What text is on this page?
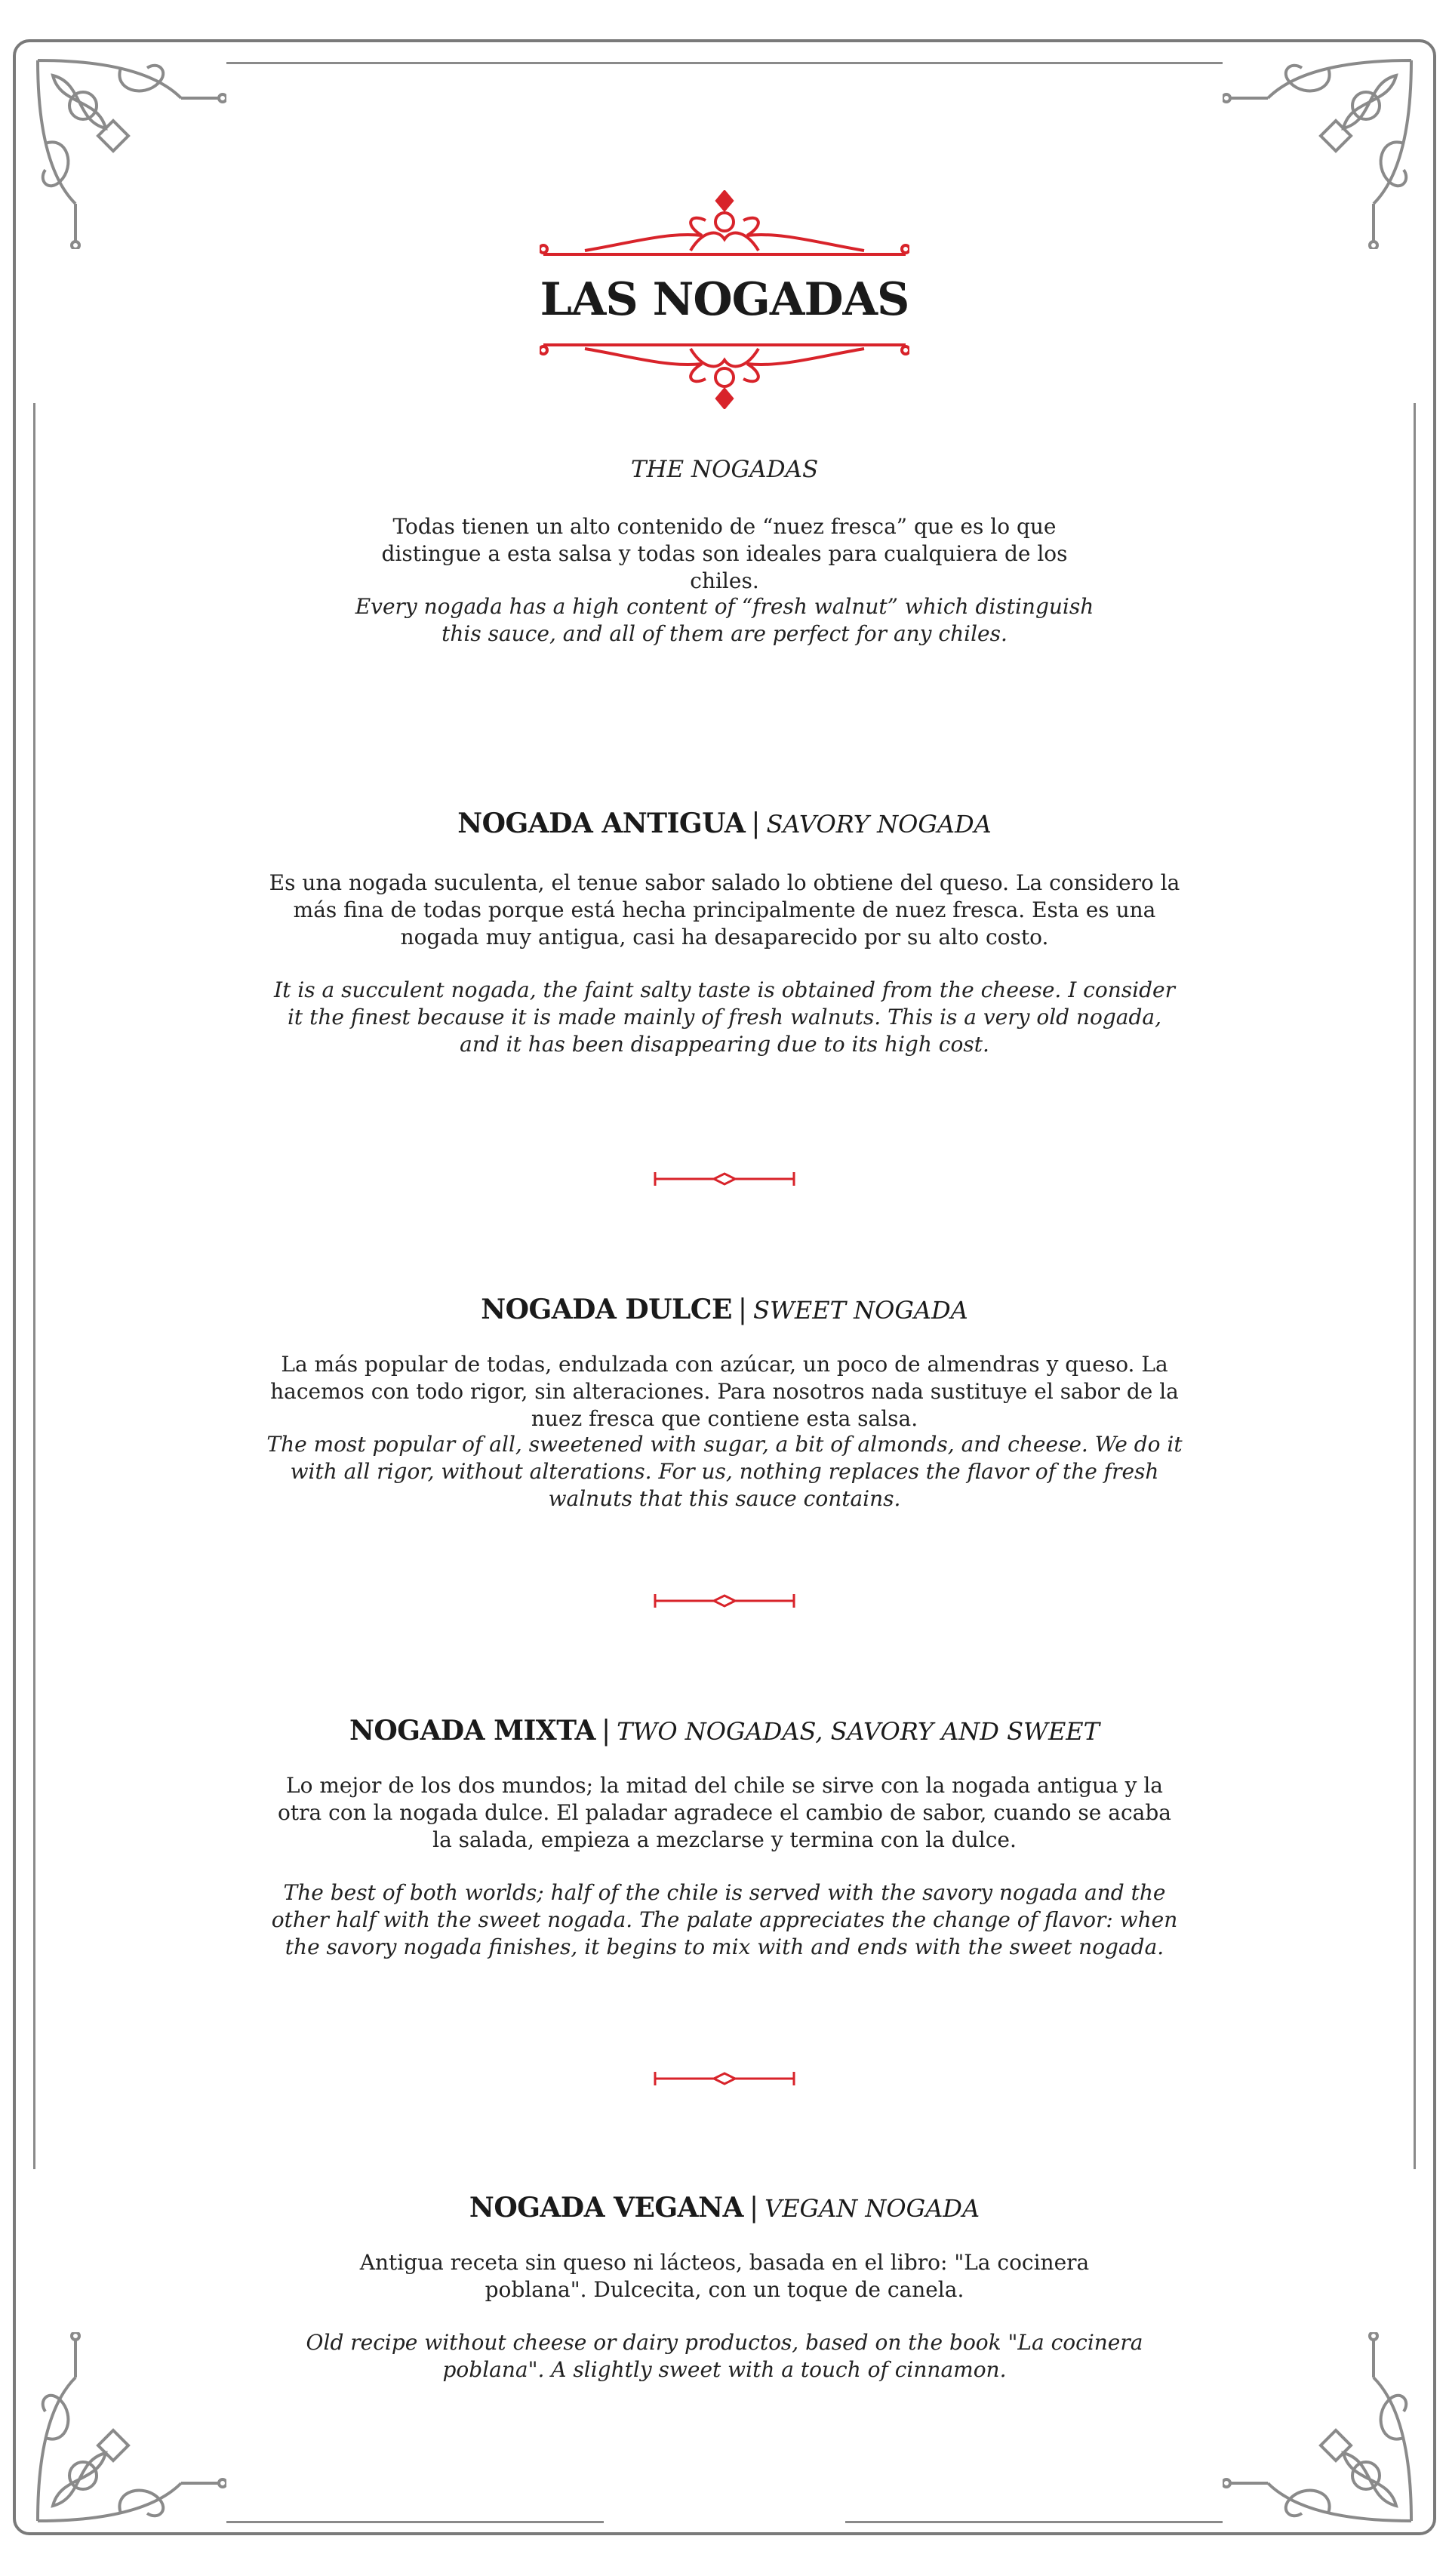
LAS NOGADAS
THE NOGADAS
Todas tienen un alto contenido de “nuez fresca” que es lo que distingue a esta salsa y todas son ideales para cualquiera de los chiles.
Every nogada has a high content of “fresh walnut” which distinguish this sauce, and all of them are perfect for any chiles.
NOGADA ANTIGUA | SAVORY NOGADA
Es una nogada suculenta, el tenue sabor salado lo obtiene del queso. La considero la más fina de todas porque está hecha principalmente de nuez fresca. Esta es una nogada muy antigua, casi ha desaparecido por su alto costo.
It is a succulent nogada, the faint salty taste is obtained from the cheese. I consider it the finest because it is made mainly of fresh walnuts. This is a very old nogada, and it has been disappearing due to its high cost.
NOGADA DULCE | SWEET NOGADA
La más popular de todas, endulzada con azúcar, un poco de almendras y queso. La hacemos con todo rigor, sin alteraciones. Para nosotros nada sustituye el sabor de la nuez fresca que contiene esta salsa.
The most popular of all, sweetened with sugar, a bit of almonds, and cheese. We do it with all rigor, without alterations. For us, nothing replaces the flavor of the fresh walnuts that this sauce contains.
NOGADA MIXTA | TWO NOGADAS, SAVORY AND SWEET
Lo mejor de los dos mundos; la mitad del chile se sirve con la nogada antigua y la otra con la nogada dulce. El paladar agradece el cambio de sabor, cuando se acaba la salada, empieza a mezclarse y termina con la dulce.
The best of both worlds; half of the chile is served with the savory nogada and the other half with the sweet nogada. The palate appreciates the change of flavor: when the savory nogada finishes, it begins to mix with and ends with the sweet nogada.
NOGADA VEGANA | VEGAN NOGADA
Antigua receta sin queso ni lácteos, basada en el libro: "La cocinera poblana". Dulcecita, con un toque de canela.
Old recipe without cheese or dairy productos, based on the book "La cocinera poblana". A slightly sweet with a touch of cinnamon.
